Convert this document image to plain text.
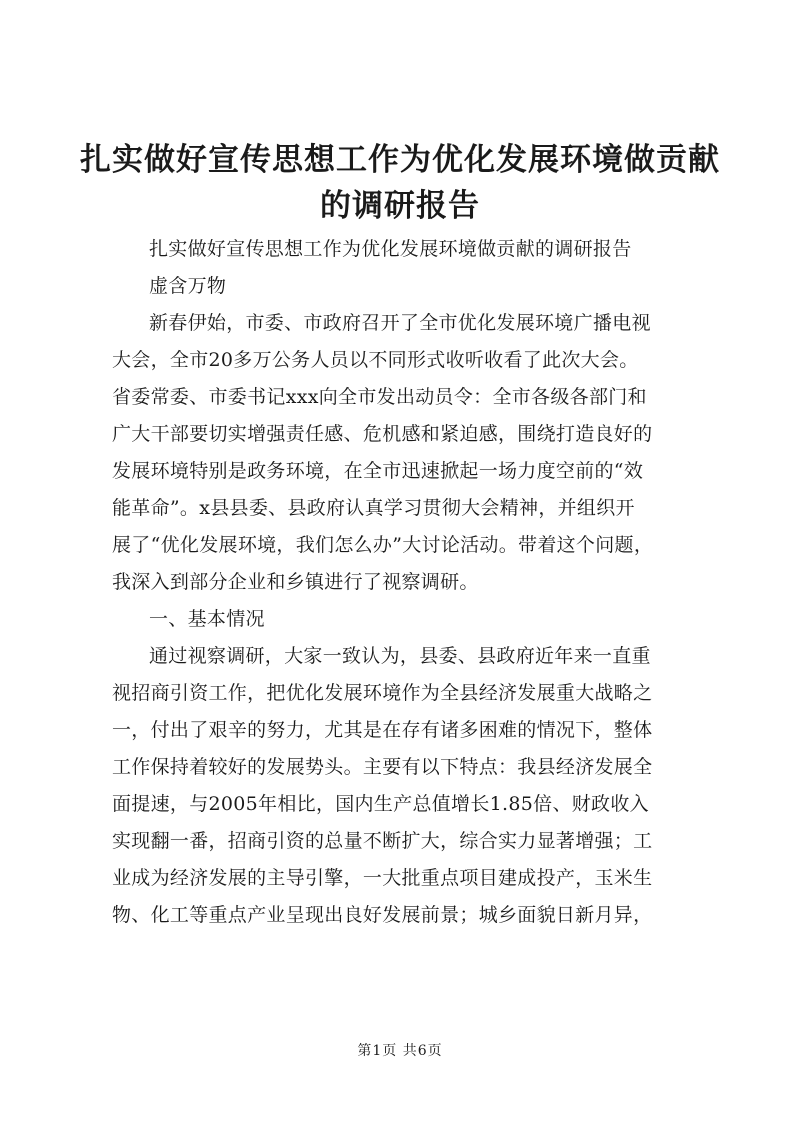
扎实做好宣传思想工作为优化发展环境做贡献
的调研报告

扎实做好宣传思想工作为优化发展环境做贡献的调研报告

虚含万物

新春伊始，市委、市政府召开了全市优化发展环境广播电视
大会，全市20多万公务人员以不同形式收听收看了此次大会。
省委常委、市委书记xxx向全市发出动员令：全市各级各部门和
广大干部要切实增强责任感、危机感和紧迫感，围绕打造良好的
发展环境特别是政务环境，在全市迅速掀起一场力度空前的“效
能革命”。x县县委、县政府认真学习贯彻大会精神，并组织开
展了“优化发展环境，我们怎么办”大讨论活动。带着这个问题，
我深入到部分企业和乡镇进行了视察调研。

一、基本情况

通过视察调研，大家一致认为，县委、县政府近年来一直重
视招商引资工作，把优化发展环境作为全县经济发展重大战略之
一，付出了艰辛的努力，尤其是在存有诸多困难的情况下，整体
工作保持着较好的发展势头。主要有以下特点：我县经济发展全
面提速，与2005年相比，国内生产总值增长1.85倍、财政收入
实现翻一番，招商引资的总量不断扩大，综合实力显著增强；工
业成为经济发展的主导引擎，一大批重点项目建成投产，玉米生
物、化工等重点产业呈现出良好发展前景；城乡面貌日新月异，
第1页 共6页
